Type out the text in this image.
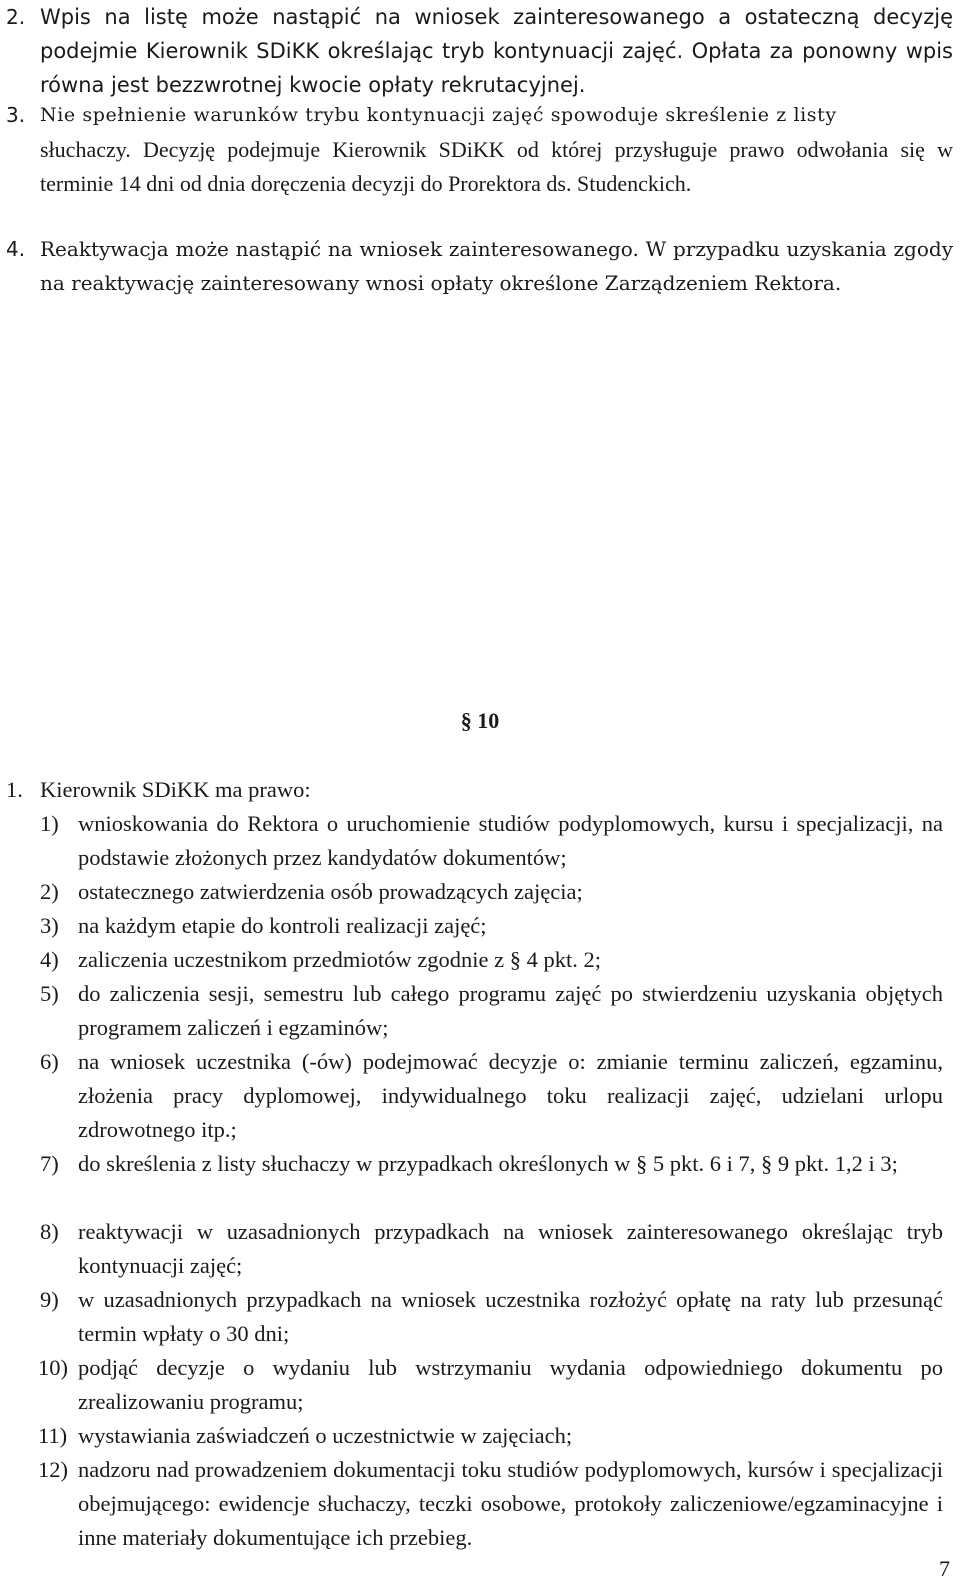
2. Wpis na listę może nastąpić na wniosek zainteresowanego a ostateczną decyzję podejmie Kierownik SDiKK określając tryb kontynuacji zajęć. Opłata za ponowny wpis równa jest bezzwrotnej kwocie opłaty rekrutacyjnej.
3. Nie spełnienie warunków trybu kontynuacji zajęć spowoduje skreślenie z listy
słuchaczy. Decyzję podejmuje Kierownik SDiKK od której przysługuje prawo odwołania się w terminie 14 dni od dnia doręczenia decyzji do Prorektora ds. Studenckich.
4. Reaktywacja może nastąpić na wniosek zainteresowanego. W przypadku uzyskania zgody na reaktywację zainteresowany wnosi opłaty określone Zarządzeniem Rektora.
§ 10
1. Kierownik SDiKK ma prawo:
1) wnioskowania do Rektora o uruchomienie studiów podyplomowych, kursu i specjalizacji, na podstawie złożonych przez kandydatów dokumentów;
2) ostatecznego zatwierdzenia osób prowadzących zajęcia;
3) na każdym etapie do kontroli realizacji zajęć;
4) zaliczenia uczestnikom przedmiotów zgodnie z § 4 pkt. 2;
5) do zaliczenia sesji, semestru lub całego programu zajęć po stwierdzeniu uzyskania objętych programem zaliczeń i egzaminów;
6) na wniosek uczestnika (-ów) podejmować decyzje o: zmianie terminu zaliczeń, egzaminu, złożenia pracy dyplomowej, indywidualnego toku realizacji zajęć, udzielani urlopu zdrowotnego itp.;
7) do skreślenia z listy słuchaczy w przypadkach określonych w § 5 pkt. 6 i 7, § 9 pkt. 1,2 i 3;
8) reaktywacji w uzasadnionych przypadkach na wniosek zainteresowanego określając tryb kontynuacji zajęć;
9) w uzasadnionych przypadkach na wniosek uczestnika rozłożyć opłatę na raty lub przesunąć termin wpłaty o 30 dni;
10) podjąć decyzje o wydaniu lub wstrzymaniu wydania odpowiedniego dokumentu po zrealizowaniu programu;
11) wystawiania zaświadczeń o uczestnictwie w zajęciach;
12) nadzoru nad prowadzeniem dokumentacji toku studiów podyplomowych, kursów i specjalizacji obejmującego: ewidencje słuchaczy, teczki osobowe, protokoły zaliczeniowe/egzaminacyjne i inne materiały dokumentujące ich przebieg.
7
